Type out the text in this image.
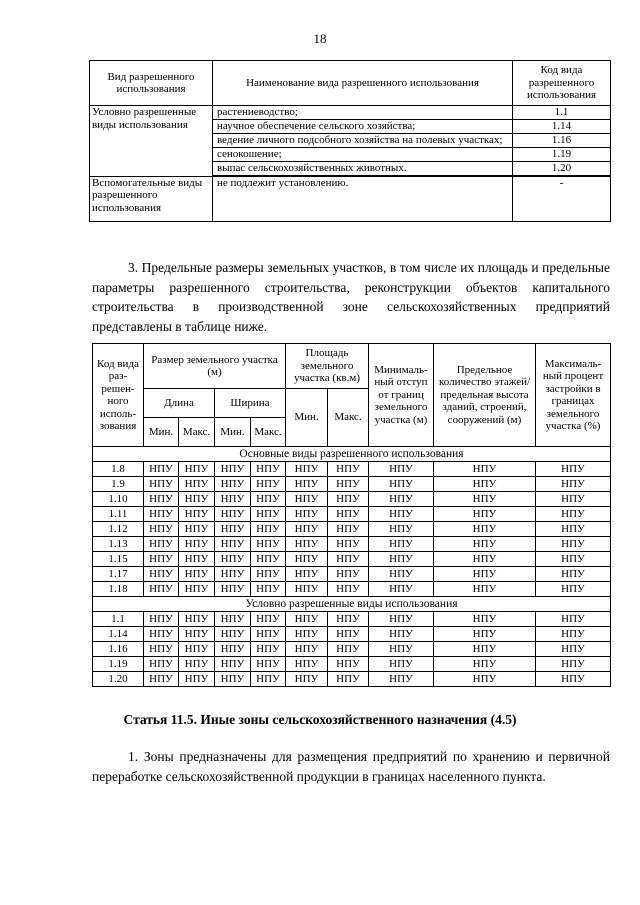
18
Вид разрешенного использования	Наименование вида разрешенного использования	Код вида разрешенного использования
Условно разрешенные виды использования	растениеводство;	1.1
	научное обеспечение сельского хозяйства;	1.14
	ведение личного подсобного хозяйства на полевых участках;	1.16
	сенокошение;	1.19
	выпас сельскохозяйственных животных.	1.20

Вспомогательные виды разрешенного использования	не подлежит установлению.	-

3. Предельные размеры земельных участков, в том числе их площадь и предельные параметры разрешенного строительства, реконструкции объектов капитального строительства в производственной зоне сельскохозяйственных предприятий представлены в таблице ниже.

Код вида раз-решен-ного исполь-зования	Размер земельного участка (м)				Площадь земельного участка (кв.м)		Минималь-ный отступ от границ земельного участка (м)	Предельное количество этажей/ предельная высота зданий, строений, сооружений (м)	Максималь-ный процент застройки в границах земельного участка (%)
	Длина		Ширина		Мин.	Макс.			
	Мин.	Макс.	Мин.	Макс.					
Основные виды разрешенного использования									
1.8	НПУ	НПУ	НПУ	НПУ	НПУ	НПУ	НПУ	НПУ	НПУ
1.9	НПУ	НПУ	НПУ	НПУ	НПУ	НПУ	НПУ	НПУ	НПУ
1.10	НПУ	НПУ	НПУ	НПУ	НПУ	НПУ	НПУ	НПУ	НПУ
1.11	НПУ	НПУ	НПУ	НПУ	НПУ	НПУ	НПУ	НПУ	НПУ
1.12	НПУ	НПУ	НПУ	НПУ	НПУ	НПУ	НПУ	НПУ	НПУ
1.13	НПУ	НПУ	НПУ	НПУ	НПУ	НПУ	НПУ	НПУ	НПУ
1.15	НПУ	НПУ	НПУ	НПУ	НПУ	НПУ	НПУ	НПУ	НПУ
1.17	НПУ	НПУ	НПУ	НПУ	НПУ	НПУ	НПУ	НПУ	НПУ
1.18	НПУ	НПУ	НПУ	НПУ	НПУ	НПУ	НПУ	НПУ	НПУ
Условно разрешенные виды использования									
1.1	НПУ	НПУ	НПУ	НПУ	НПУ	НПУ	НПУ	НПУ	НПУ
1.14	НПУ	НПУ	НПУ	НПУ	НПУ	НПУ	НПУ	НПУ	НПУ
1.16	НПУ	НПУ	НПУ	НПУ	НПУ	НПУ	НПУ	НПУ	НПУ
1.19	НПУ	НПУ	НПУ	НПУ	НПУ	НПУ	НПУ	НПУ	НПУ
1.20	НПУ	НПУ	НПУ	НПУ	НПУ	НПУ	НПУ	НПУ	НПУ
Статья 11.5. Иные зоны сельскохозяйственного назначения (4.5)

1. Зоны предназначены для размещения предприятий по хранению и первичной переработке сельскохозяйственной продукции в границах населенного пункта.
